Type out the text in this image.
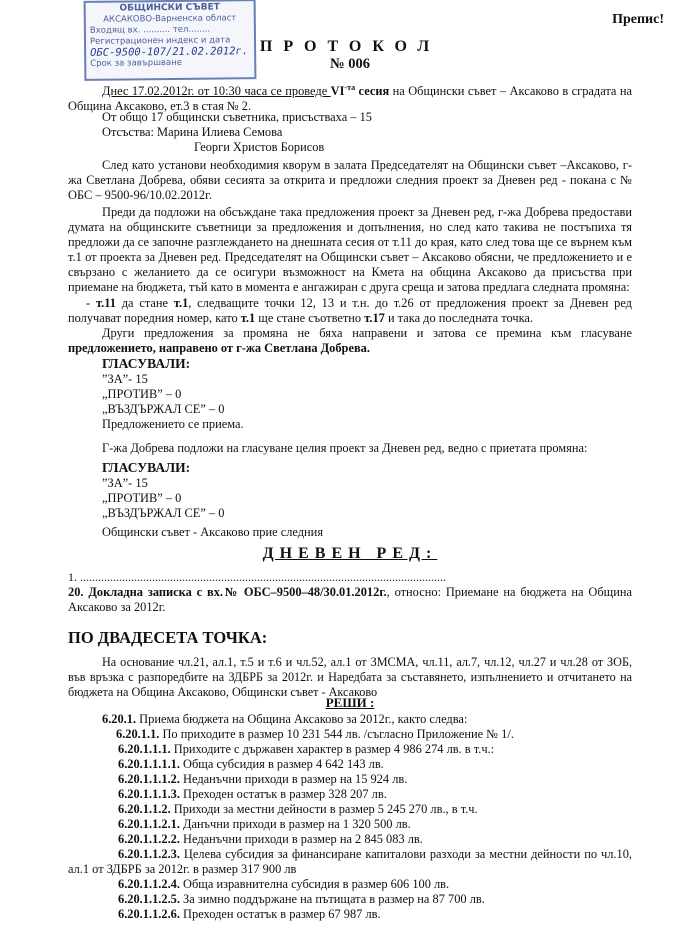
ОБЩИНСКИ СЪВЕТ
АКСАКОВО-Варненска област
Входящ вх. .......... тел........
Регистрационен индекс и дата
ОБС-9500-107/21.02.2012г.
Срок за завършване
Препис!
ПРОТОКОЛ
№ 006
Днес 17.02.2012г. от 10:30 часа се проведе $VI^{-та}$ сесия на Общински съвет – Аксаково в сградата на Община Аксаково, ет.3 в стая № 2.
От общо 17 общински съветника, присъстваха – 15
Отсъства: Марина Илиева Семова
Георги Христов Борисов
След като установи необходимия кворум в залата Председателят на Общински съвет –Аксаково, г-жа Светлана Добрева, обяви сесията за открита и предложи следния проект за Дневен ред - покана с № ОБС – 9500-96/10.02.2012г.
Преди да подложи на обсъждане така предложения проект за Дневен ред, г-жа Добрева предостави думата на общинските съветници за предложения и допълнения, но след като такива не постъпиха тя предложи да се започне разглеждането на днешната сесия от т.11 до края, като след това ще се върнем към т.1 от проекта за Дневен ред. Председателят на Общински съвет – Аксаково обясни, че предложението и е свързано с желанието да се осигури възможност на Кмета на община Аксаково да присъства при приемане на бюджета, тъй като в момента е ангажиран с друга среща и затова предлага следната промяна:
- т.11 да стане т.1, следващите точки 12, 13 и т.н. до т.26 от предложения проект за Дневен ред получават поредния номер, като т.1 ще стане съответно т.17 и така до последната точка.
Други предложения за промяна не бяха направени и затова се премина към гласуване предложението, направено от г-жа Светлана Добрева.
ГЛАСУВАЛИ:
”ЗА”- 15
„ПРОТИВ” – 0
„ВЪЗДЪРЖАЛ СЕ” – 0
Предложението се приема.
Г-жа Добрева подложи на гласуване целия проект за Дневен ред, ведно с приетата промяна:
ГЛАСУВАЛИ:
”ЗА”- 15
„ПРОТИВ” – 0
„ВЪЗДЪРЖАЛ СЕ” – 0
Общински съвет - Аксаково прие следния
ДНЕВЕН РЕД:
1. ..........................................................................................................................
20. Докладна записка с вх.№ ОБС–9500–48/30.01.2012г., относно: Приемане на бюджета на Община Аксаково за 2012г.
ПО ДВАДЕСЕТА ТОЧКА:
На основание чл.21, ал.1, т.5 и т.6 и чл.52, ал.1 от ЗМСМА, чл.11, ал.7, чл.12, чл.27 и чл.28 от ЗОБ, във връзка с разпоредбите на ЗДБРБ за 2012г. и Наредбата за съставянето, изпълнението и отчитането на бюджета на Община Аксаково, Общински съвет - Аксаково
РЕШИ :
6.20.1. Приема бюджета на Община Аксаково за 2012г., както следва:
6.20.1.1. По приходите в размер 10 231 544 лв. /съгласно Приложение № 1/.
6.20.1.1.1. Приходите с държавен характер в размер 4 986 274 лв. в т.ч.:
6.20.1.1.1.1. Обща субсидия в размер 4 642 143 лв.
6.20.1.1.1.2. Неданъчни приходи в размер на 15 924 лв.
6.20.1.1.1.3. Преходен остатък в размер 328 207 лв.
6.20.1.1.2. Приходи за местни дейности в размер 5 245 270 лв., в т.ч.
6.20.1.1.2.1. Данъчни приходи в размер на 1 320 500 лв.
6.20.1.1.2.2. Неданъчни приходи в размер на 2 845 083 лв.
6.20.1.1.2.3. Целева субсидия за финансиране капиталови разходи за местни дейности по чл.10, ал.1 от ЗДБРБ за 2012г. в размер 317 900 лв
6.20.1.1.2.4. Обща изравнителна субсидия в размер 606 100 лв.
6.20.1.1.2.5. За зимно поддържане на пътищата в размер на 87 700 лв.
6.20.1.1.2.6. Преходен остатък в размер 67 987 лв.
